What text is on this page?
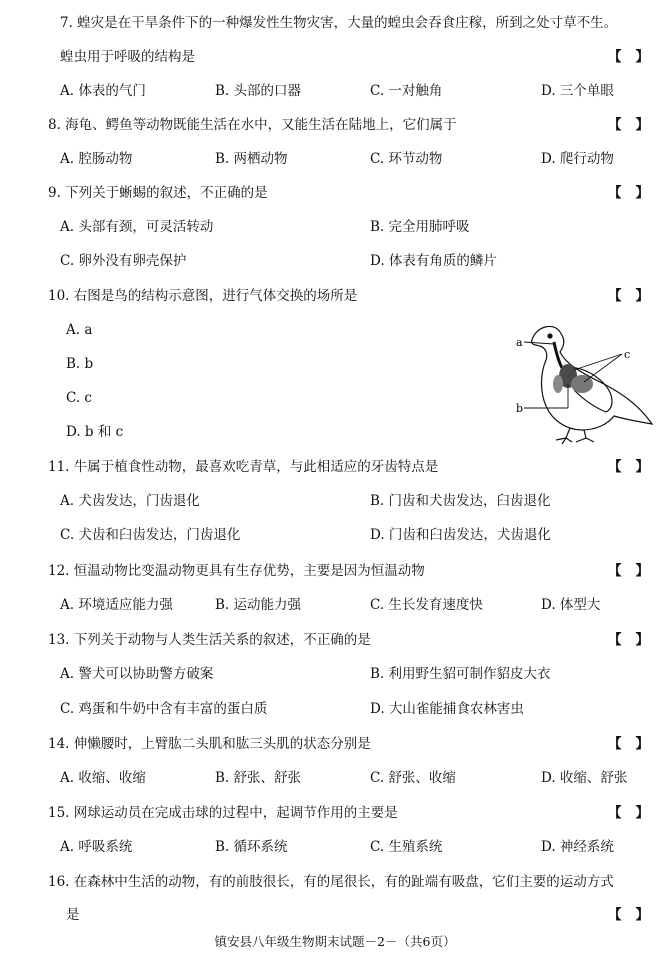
7. 蝗灾是在干旱条件下的一种爆发性生物灾害，大量的蝗虫会吞食庄稼，所到之处寸草不生。
蝗虫用于呼吸的结构是	【】
A. 体表的气门	B. 头部的口器	C. 一对触角	D. 三个单眼
8. 海龟、鳄鱼等动物既能生活在水中，又能生活在陆地上，它们属于	【】
A. 腔肠动物	B. 两栖动物	C. 环节动物	D. 爬行动物
9. 下列关于蜥蜴的叙述，不正确的是	【】
A. 头部有颈，可灵活转动	B. 完全用肺呼吸
C. 卵外没有卵壳保护	D. 体表有角质的鳞片
10. 右图是鸟的结构示意图，进行气体交换的场所是	【】
A. a
B. b
C. c
D. b 和 c
a
b
c
11. 牛属于植食性动物，最喜欢吃青草，与此相适应的牙齿特点是	【】
A. 犬齿发达，门齿退化	B. 门齿和犬齿发达，臼齿退化
C. 犬齿和臼齿发达，门齿退化	D. 门齿和臼齿发达，犬齿退化
12. 恒温动物比变温动物更具有生存优势，主要是因为恒温动物	【】
A. 环境适应能力强	B. 运动能力强	C. 生长发育速度快	D. 体型大
13. 下列关于动物与人类生活关系的叙述，不正确的是	【】
A. 警犬可以协助警方破案	B. 利用野生貂可制作貂皮大衣
C. 鸡蛋和牛奶中含有丰富的蛋白质	D. 大山雀能捕食农林害虫
14. 伸懒腰时，上臂肱二头肌和肱三头肌的状态分别是	【】
A. 收缩、收缩	B. 舒张、舒张	C. 舒张、收缩	D. 收缩、舒张
15. 网球运动员在完成击球的过程中，起调节作用的主要是	【】
A. 呼吸系统	B. 循环系统	C. 生殖系统	D. 神经系统
16. 在森林中生活的动物，有的前肢很长，有的尾很长，有的趾端有吸盘，它们主要的运动方式
是	【】
镇安县八年级生物期末试题－2－（共6页）
